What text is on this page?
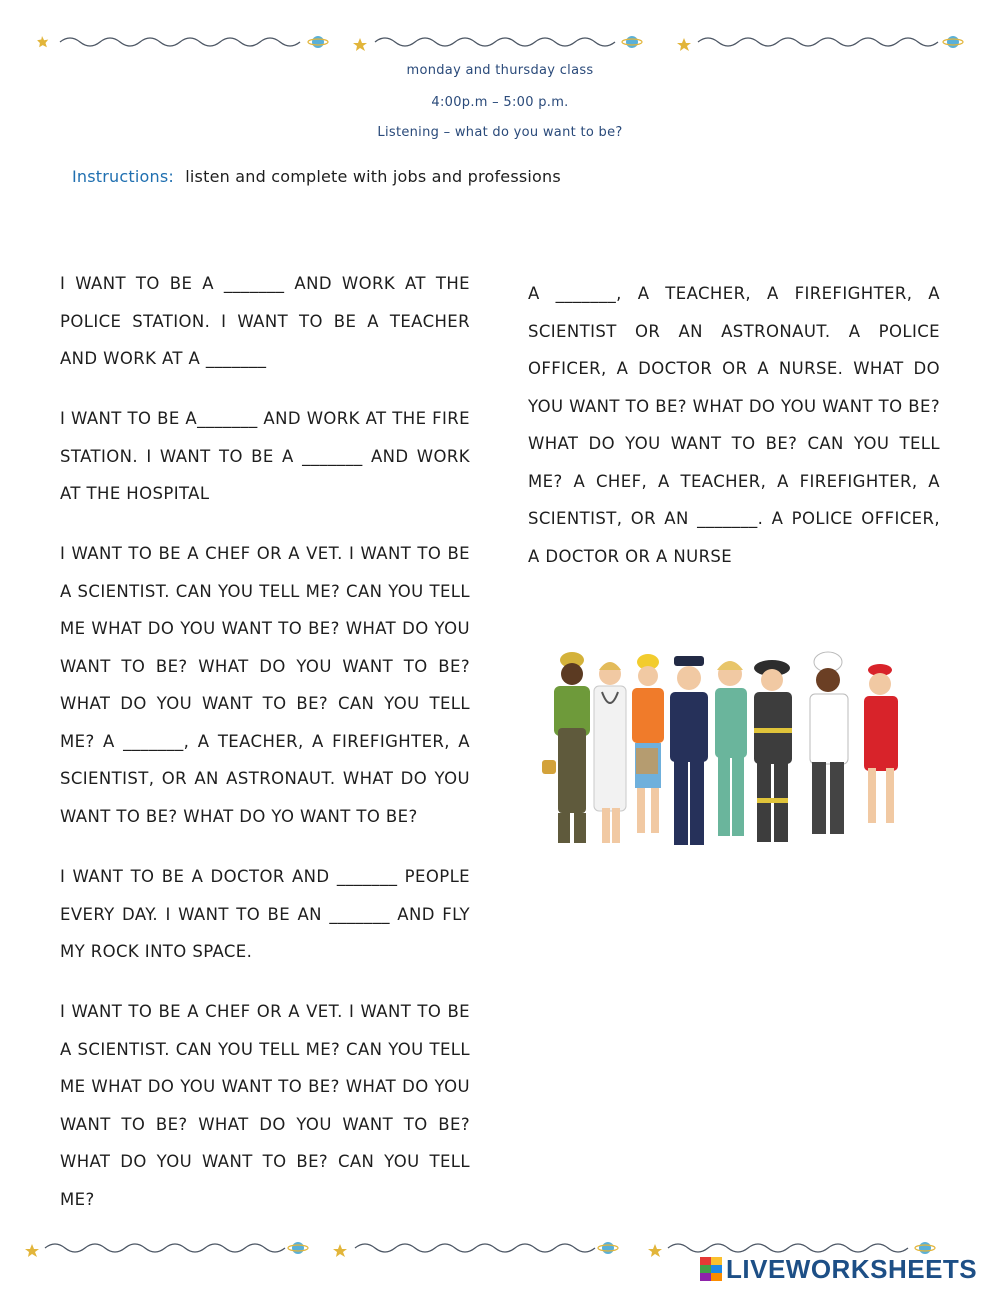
monday and thursday class
4:00p.m – 5:00 p.m.
Listening – what do you want to be?
Instructions: listen and complete with jobs and professions
I WANT TO BE A _______ AND WORK AT THE POLICE STATION. I WANT TO BE A TEACHER AND WORK AT A _______
I WANT TO BE A_______ AND WORK AT THE FIRE STATION. I WANT TO BE A _______ AND WORK AT THE HOSPITAL
I WANT TO BE A CHEF OR A VET. I WANT TO BE A SCIENTIST. CAN YOU TELL ME? CAN YOU TELL ME WHAT DO YOU WANT TO BE? WHAT DO YOU WANT TO BE? WHAT DO YOU WANT TO BE? WHAT DO YOU WANT TO BE? CAN YOU TELL ME? A _______, A TEACHER, A FIREFIGHTER, A SCIENTIST, OR AN ASTRONAUT. WHAT DO YOU WANT TO BE? WHAT DO YO WANT TO BE?
I WANT TO BE A DOCTOR AND _______ PEOPLE EVERY DAY. I WANT TO BE AN _______ AND FLY MY ROCK INTO SPACE.
I WANT TO BE A CHEF OR A VET. I WANT TO BE A SCIENTIST. CAN YOU TELL ME? CAN YOU TELL ME WHAT DO YOU WANT TO BE? WHAT DO YOU WANT TO BE? WHAT DO YOU WANT TO BE? WHAT DO YOU WANT TO BE? CAN YOU TELL ME?
A _______, A TEACHER, A FIREFIGHTER, A SCIENTIST OR AN ASTRONAUT. A POLICE OFFICER, A DOCTOR OR A NURSE. WHAT DO YOU WANT TO BE? WHAT DO YOU WANT TO BE? WHAT DO YOU WANT TO BE? CAN YOU TELL ME? A CHEF, A TEACHER, A FIREFIGHTER, A SCIENTIST, OR AN _______. A POLICE OFFICER, A DOCTOR OR A NURSE
LIVEWORKSHEETS
